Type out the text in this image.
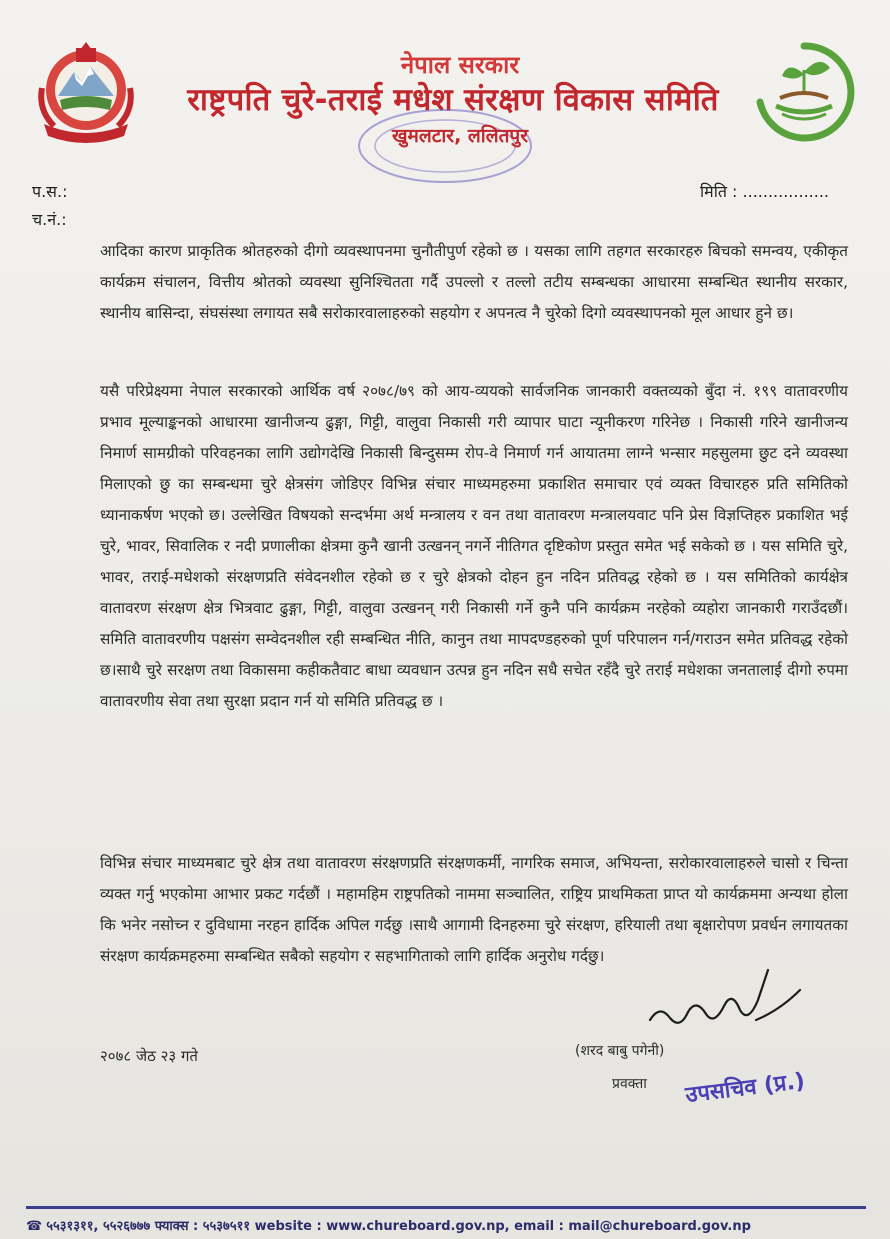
नेपाल सरकार
राष्ट्रपति चुरे-तराई मधेश संरक्षण विकास समिति
खुमलटार, ललितपुर
प.स.:
च.नं.:
मिति : .................

आदिका कारण प्राकृतिक श्रोतहरुको दीगो व्यवस्थापनमा चुनौतीपुर्ण रहेको छ । यसका लागि तहगत सरकारहरु बिचको समन्वय, एकीकृत कार्यक्रम संचालन, वित्तीय श्रोतको व्यवस्था सुनिश्चितता गर्दै उपल्लो र तल्लो तटीय सम्बन्धका आधारमा सम्बन्धित स्थानीय सरकार, स्थानीय बासिन्दा, संघसंस्था लगायत सबै सरोकारवालाहरुको सहयोग र अपनत्व नै चुरेको दिगो व्यवस्थापनको मूल आधार हुने छ।

यसै परिप्रेक्ष्यमा नेपाल सरकारको आर्थिक वर्ष २०७८/७९ को आय-व्ययको सार्वजनिक जानकारी वक्तव्यको बुँदा नं. १९९ वातावरणीय प्रभाव मूल्याङ्कनको आधारमा खानीजन्य ढुङ्गा, गिट्टी, वालुवा निकासी गरी व्यापार घाटा न्यूनीकरण गरिनेछ । निकासी गरिने खानीजन्य निमार्ण सामग्रीको परिवहनका लागि उद्योगदेखि निकासी बिन्दुसम्म रोप-वे निमार्ण गर्न आयातमा लाग्ने भन्सार महसुलमा छुट दने व्यवस्था मिलाएको छु का सम्बन्धमा चुरे क्षेत्रसंग जोडिएर विभिन्न संचार माध्यमहरुमा प्रकाशित समाचार एवं व्यक्त विचारहरु प्रति समितिको ध्यानाकर्षण भएको छ। उल्लेखित विषयको सन्दर्भमा अर्थ मन्त्रालय र वन तथा वातावरण मन्त्रालयवाट पनि प्रेस विज्ञप्तिहरु प्रकाशित भई चुरे, भावर, सिवालिक र नदी प्रणालीका क्षेत्रमा कुनै खानी उत्खनन् नगर्ने नीतिगत दृष्टिकोण प्रस्तुत समेत भई सकेको छ । यस समिति चुरे, भावर, तराई-मधेशको संरक्षणप्रति संवेदनशील रहेको छ र चुरे क्षेत्रको दोहन हुन नदिन प्रतिवद्ध रहेको छ । यस समितिको कार्यक्षेत्र वातावरण संरक्षण क्षेत्र भित्रवाट ढुङ्गा, गिट्टी, वालुवा उत्खनन् गरी निकासी गर्ने कुनै पनि कार्यक्रम नरहेको व्यहोरा जानकारी गराउँदछौं। समिति वातावरणीय पक्षसंग सम्वेदनशील रही सम्बन्धित नीति, कानुन तथा मापदण्डहरुको पूर्ण परिपालन गर्न/गराउन समेत प्रतिवद्ध रहेको छ।साथै चुरे सरक्षण तथा विकासमा कहीकतैवाट बाधा व्यवधान उत्पन्न हुन नदिन सधै सचेत रहँदै चुरे तराई मधेशका जनतालाई दीगो रुपमा वातावरणीय सेवा तथा सुरक्षा प्रदान गर्न यो समिति प्रतिवद्ध छ ।

विभिन्न संचार माध्यमबाट चुरे क्षेत्र तथा वातावरण संरक्षणप्रति संरक्षणकर्मी, नागरिक समाज, अभियन्ता, सरोकारवालाहरुले चासो र चिन्ता व्यक्त गर्नु भएकोमा आभार प्रकट गर्दछौं । महामहिम राष्ट्रपतिको नाममा सञ्चालित, राष्ट्रिय प्राथमिकता प्राप्त यो कार्यक्रममा अन्यथा होला कि भनेर नसोच्न र दुविधामा नरहन हार्दिक अपिल गर्दछु ।साथै आगामी दिनहरुमा चुरे संरक्षण, हरियाली तथा बृक्षारोपण प्रवर्धन लगायतका संरक्षण कार्यक्रमहरुमा सम्बन्धित सबैको सहयोग र सहभागिताको लागि हार्दिक अनुरोध गर्दछु।

२०७८ जेठ २३ गते	(शरद बाबु पगेनी)
प्रवक्ता उपसचिव (प्र.)
☎ ५५३१३११, ५५२६७७७ फ्याक्स : ५५३७५११ website : www.chureboard.gov.np, email : mail@chureboard.gov.np
